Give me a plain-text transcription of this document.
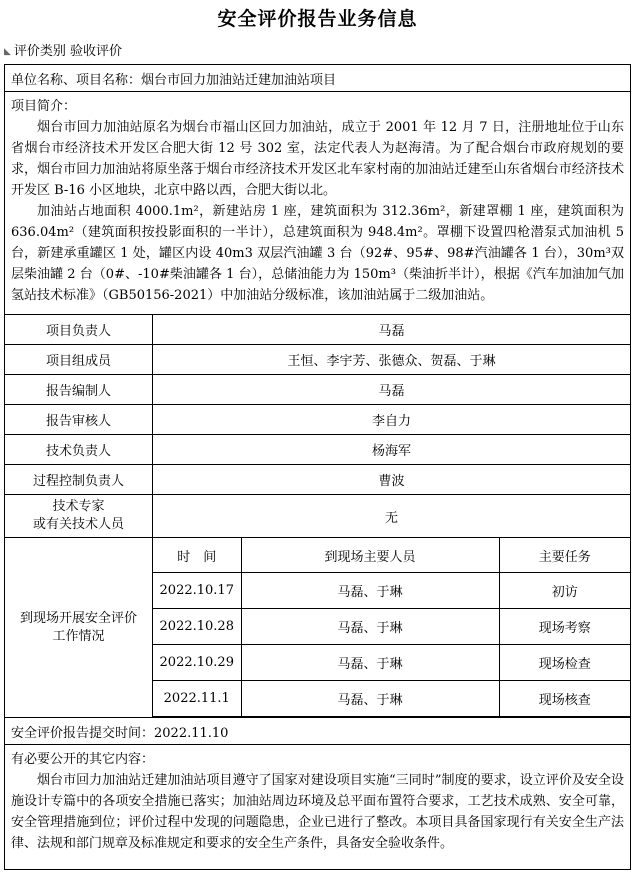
安全评价报告业务信息
◣ 评价类别 验收评价
单位名称、项目名称：烟台市回力加油站迁建加油站项目

项目简介：

烟台市回力加油站原名为烟台市福山区回力加油站，成立于 2001 年 12 月 7 日，注册地址位于山东省烟台市经济技术开发区合肥大街 12 号 302 室，法定代表人为赵海清。为了配合烟台市政府规划的要求，烟台市回力加油站将原坐落于烟台市经济技术开发区北车家村南的加油站迁建至山东省烟台市经济技术开发区 B-16 小区地块，北京中路以西，合肥大街以北。

加油站占地面积 4000.1m²，新建站房 1 座，建筑面积为 312.36m²，新建罩棚 1 座，建筑面积为 636.04m²（建筑面积按投影面积的一半计），总建筑面积为 948.4m²。罩棚下设置四枪潜泵式加油机 5 台，新建承重罐区 1 处，罐区内设 40m3 双层汽油罐 3 台（92#、95#、98#汽油罐各 1 台），30m³双层柴油罐 2 台（0#、-10#柴油罐各 1 台），总储油能力为 150m³（柴油折半计），根据《汽车加油加气加氢站技术标准》（GB50156-2021）中加油站分级标准，该加油站属于二级加油站。

项目负责人	马磊
项目组成员	王恒、李宇芳、张德众、贺磊、于琳
报告编制人	马磊
报告审核人	李自力
技术负责人	杨海军
过程控制负责人	曹波
技术专家
或有关技术人员	无
到现场开展安全评价
工作情况	
时　间	到现场主要人员	主要任务
2022.10.17	马磊、于琳	初访
2022.10.28	马磊、于琳	现场考察
2022.10.29	马磊、于琳	现场检查
2022.11.1	马磊、于琳	现场核查

安全评价报告提交时间：2022.11.10

有必要公开的其它内容：

烟台市回力加油站迁建加油站项目遵守了国家对建设项目实施“三同时”制度的要求，设立评价及安全设施设计专篇中的各项安全措施已落实；加油站周边环境及总平面布置符合要求，工艺技术成熟、安全可靠，安全管理措施到位；评价过程中发现的问题隐患，企业已进行了整改。本项目具备国家现行有关安全生产法律、法规和部门规章及标准规定和要求的安全生产条件，具备安全验收条件。
